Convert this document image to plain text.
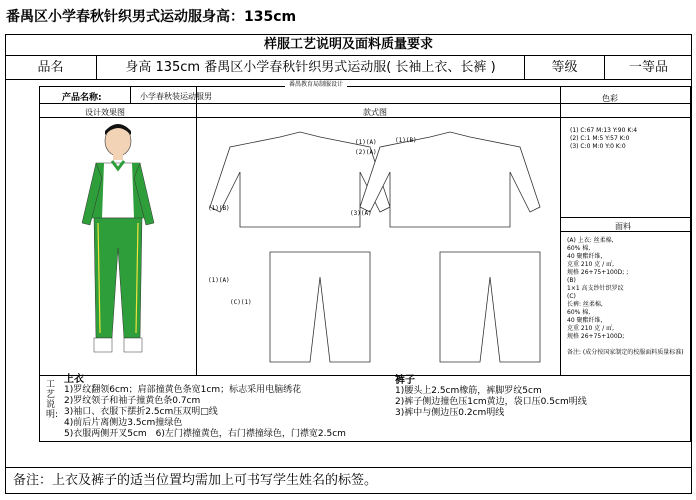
番禺区小学春秋针织男式运动服身高：135cm
样服工艺说明及面料质量要求
品名	身高 135cm 番禺区小学春秋针织男式运动服( 长袖上衣、长裤 )	等级	一等品
番禺教育局制服设计
产品名称:	小学春秋装运动服男
设计效果图	款式图
色彩
(1) C:67 M:13 Y:90 K:4
(2) C:1 M:5 Y:57 K:0
(3) C:0 M:0 Y:0 K:0
面料
(A) 上衣: 丝柔棉,
60% 棉,
40 聚酯纤维,
克重 210 克 / ㎡,
规格 26+75+100D; ;
(B)
1×1 高支纱针织罗纹
(C)
长裤: 丝柔棉,
60% 棉,
40 聚酯纤维,
克重 210 克 / ㎡,
规格 26+75+100D;
备注: (成分按国家制定的校服面料质量标准)
(1)(B)
(1)(A)
(2)(A)
(1)(A)	(1)(B)
(3)(A)
(C)(1)
工艺说明:
上衣
1)罗纹翻领6cm；肩部撞黄色条宽1cm；标志采用电脑绣花
2)罗纹领子和袖子撞黄色条0.7cm
3)袖口、衣服下摆折2.5cm压双明□线
4)前后片离侧边3.5cm撞绿色
5)衣服两侧开叉5cm　6)左门襟撞黄色，右门襟撞绿色，门襟宽2.5cm
裤子
1)腰头上2.5cm橡筋，裤脚罗纹5cm
2)裤子侧边撞色压1cm黄边，袋口压0.5cm明线
3)裤中与侧边压0.2cm明线
备注：上衣及裤子的适当位置均需加上可书写学生姓名的标签。
